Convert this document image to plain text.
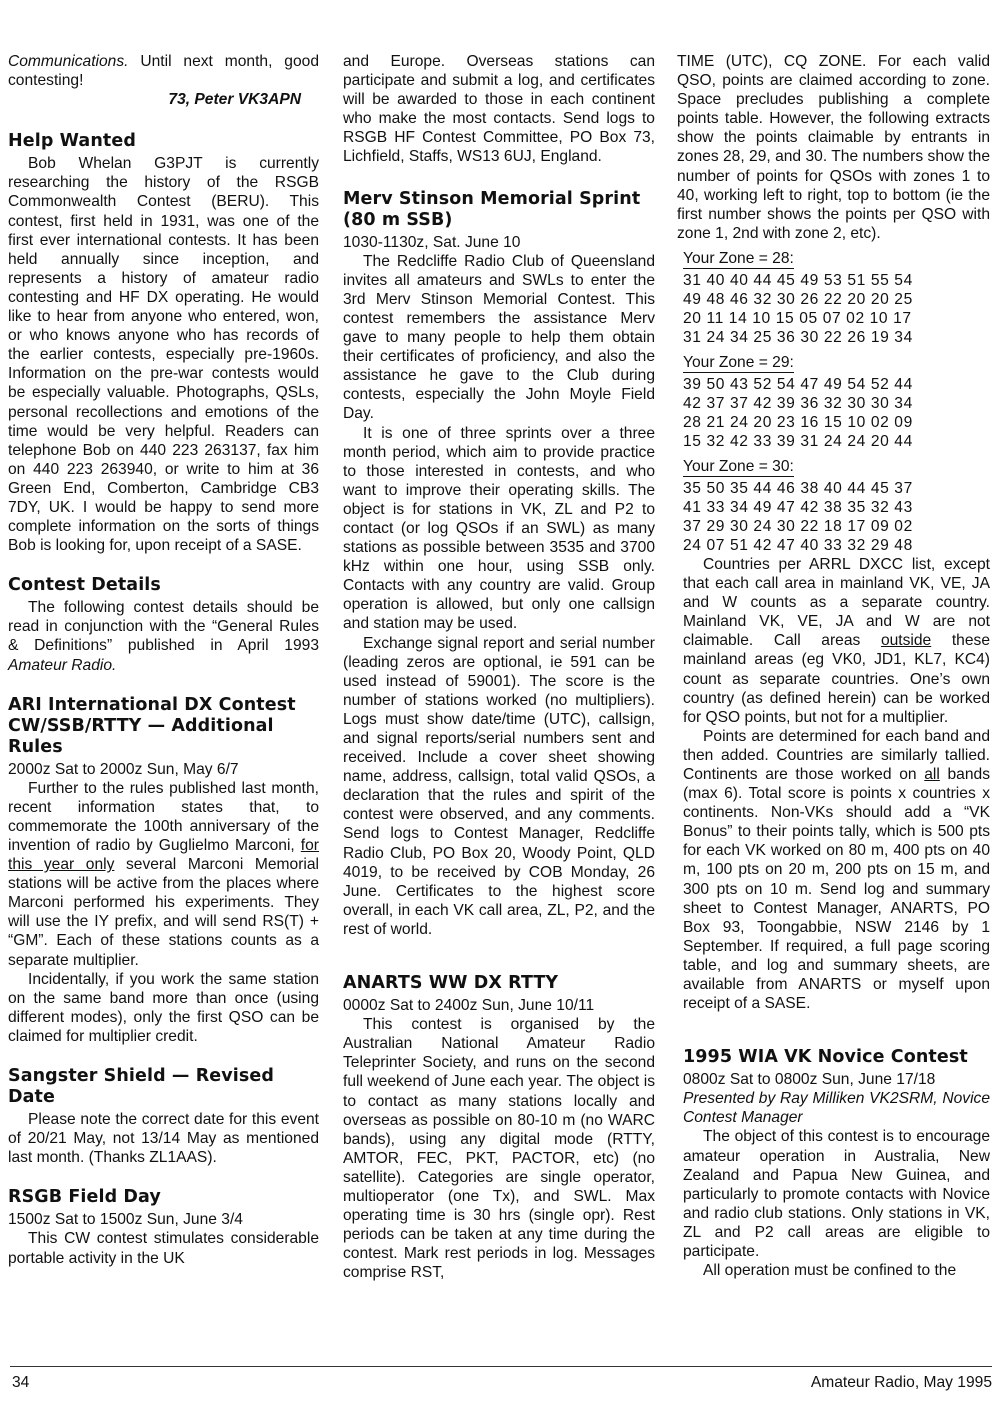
Communications. Until next month, good contesting!

73, Peter VK3APN

Help Wanted

Bob Whelan G3PJT is currently researching the history of the RSGB Commonwealth Contest (BERU). This contest, first held in 1931, was one of the first ever international contests. It has been held annually since inception, and represents a history of amateur radio contesting and HF DX operating. He would like to hear from anyone who entered, won, or who knows anyone who has records of the earlier contests, especially pre-1960s. Information on the pre-war contests would be especially valuable. Photographs, QSLs, personal recollections and emotions of the time would be very helpful. Readers can telephone Bob on 440 223 263137, fax him on 440 223 263940, or write to him at 36 Green End, Comberton, Cambridge CB3 7DY, UK. I would be happy to send more complete information on the sorts of things Bob is looking for, upon receipt of a SASE.

Contest Details

The following contest details should be read in conjunction with the “General Rules & Definitions” published in April 1993 Amateur Radio.

ARI International DX Contest CW/SSB/RTTY — Additional Rules

2000z Sat to 2000z Sun, May 6/7

Further to the rules published last month, recent information states that, to commemorate the 100th anniversary of the invention of radio by Guglielmo Marconi, for this year only several Marconi Memorial stations will be active from the places where Marconi performed his experiments. They will use the IY prefix, and will send RS(T) + “GM”. Each of these stations counts as a separate multiplier.

Incidentally, if you work the same station on the same band more than once (using different modes), only the first QSO can be claimed for multiplier credit.

Sangster Shield — Revised Date

Please note the correct date for this event of 20/21 May, not 13/14 May as mentioned last month. (Thanks ZL1AAS).

RSGB Field Day

1500z Sat to 1500z Sun, June 3/4

This CW contest stimulates considerable portable activity in the UK

and Europe. Overseas stations can participate and submit a log, and certificates will be awarded to those in each continent who make the most contacts. Send logs to RSGB HF Contest Committee, PO Box 73, Lichfield, Staffs, WS13 6UJ, England.

Merv Stinson Memorial Sprint (80 m SSB)

1030-1130z, Sat. June 10

The Redcliffe Radio Club of Queensland invites all amateurs and SWLs to enter the 3rd Merv Stinson Memorial Contest. This contest remembers the assistance Merv gave to many people to help them obtain their certificates of proficiency, and also the assistance he gave to the Club during contests, especially the John Moyle Field Day.

It is one of three sprints over a three month period, which aim to provide practice to those interested in contests, and who want to improve their operating skills. The object is for stations in VK, ZL and P2 to contact (or log QSOs if an SWL) as many stations as possible between 3535 and 3700 kHz within one hour, using SSB only. Contacts with any country are valid. Group operation is allowed, but only one callsign and station may be used.

Exchange signal report and serial number (leading zeros are optional, ie 591 can be used instead of 59001). The score is the number of stations worked (no multipliers). Logs must show date/time (UTC), callsign, and signal reports/serial numbers sent and received. Include a cover sheet showing name, address, callsign, total valid QSOs, a declaration that the rules and spirit of the contest were observed, and any comments. Send logs to Contest Manager, Redcliffe Radio Club, PO Box 20, Woody Point, QLD 4019, to be received by COB Monday, 26 June. Certificates to the highest score overall, in each VK call area, ZL, P2, and the rest of world.

ANARTS WW DX RTTY

0000z Sat to 2400z Sun, June 10/11

This contest is organised by the Australian National Amateur Radio Teleprinter Society, and runs on the second full weekend of June each year. The object is to contact as many stations locally and overseas as possible on 80-10 m (no WARC bands), using any digital mode (RTTY, AMTOR, FEC, PKT, PACTOR, etc) (no satellite). Categories are single operator, multioperator (one Tx), and SWL. Max operating time is 30 hrs (single opr). Rest periods can be taken at any time during the contest. Mark rest periods in log. Messages comprise RST,

TIME (UTC), CQ ZONE. For each valid QSO, points are claimed according to zone. Space precludes publishing a complete points table. However, the following extracts show the points claimable by entrants in zones 28, 29, and 30. The numbers show the number of points for QSOs with zones 1 to 40, working left to right, top to bottom (ie the first number shows the points per QSO with zone 1, 2nd with zone 2, etc).

Your Zone = 28:
31 40 40 44 45 49 53 51 55 54
49 48 46 32 30 26 22 20 20 25
20 11 14 10 15 05 07 02 10 17
31 24 34 25 36 30 22 26 19 34
Your Zone = 29:
39 50 43 52 54 47 49 54 52 44
42 37 37 42 39 36 32 30 30 34
28 21 24 20 23 16 15 10 02 09
15 32 42 33 39 31 24 24 20 44
Your Zone = 30:
35 50 35 44 46 38 40 44 45 37
41 33 34 49 47 42 38 35 32 43
37 29 30 24 30 22 18 17 09 02
24 07 51 42 47 40 33 32 29 48

Countries per ARRL DXCC list, except that each call area in mainland VK, VE, JA and W counts as a separate country. Mainland VK, VE, JA and W are not claimable. Call areas outside these mainland areas (eg VK0, JD1, KL7, KC4) count as separate countries. One’s own country (as defined herein) can be worked for QSO points, but not for a multiplier.

Points are determined for each band and then added. Countries are similarly tallied. Continents are those worked on all bands (max 6). Total score is points x countries x continents. Non-VKs should add a “VK Bonus” to their points tally, which is 500 pts for each VK worked on 80 m, 400 pts on 40 m, 100 pts on 20 m, 200 pts on 15 m, and 300 pts on 10 m. Send log and summary sheet to Contest Manager, ANARTS, PO Box 93, Toongabbie, NSW 2146 by 1 September. If required, a full page scoring table, and log and summary sheets, are available from ANARTS or myself upon receipt of a SASE.

1995 WIA VK Novice Contest

0800z Sat to 0800z Sun, June 17/18

Presented by Ray Milliken VK2SRM, Novice Contest Manager

The object of this contest is to encourage amateur operation in Australia, New Zealand and Papua New Guinea, and particularly to promote contacts with Novice and radio club stations. Only stations in VK, ZL and P2 call areas are eligible to participate.

All operation must be confined to the

34	Amateur Radio, May 1995
